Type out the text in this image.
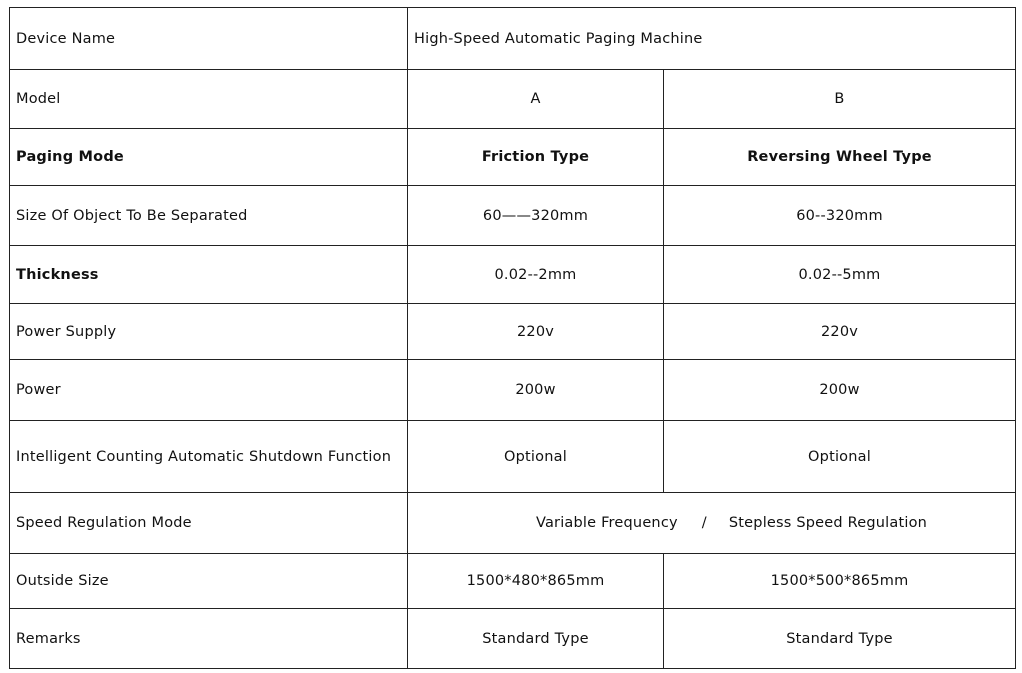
Device Name	High-Speed Automatic Paging Machine	
Model	A	B
Paging Mode	Friction Type	Reversing Wheel Type
Size Of Object To Be Separated	60——320mm	60--320mm
Thickness	0.02--2mm	0.02--5mm
Power Supply	220v	220v
Power	200w	200w
Intelligent Counting Automatic Shutdown Function	Optional	Optional
Speed Regulation Mode	Variable Frequency / Stepless Speed Regulation	
Outside Size	1500*480*865mm	1500*500*865mm
Remarks	Standard Type	Standard Type
